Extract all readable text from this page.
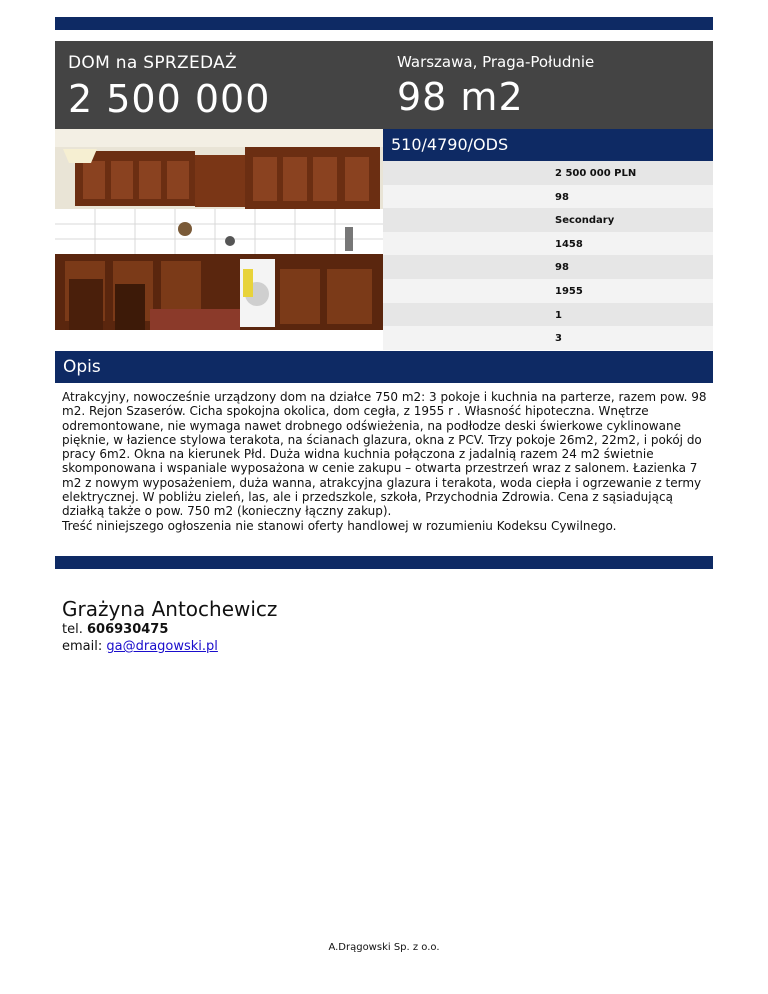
DOM na SPRZEDAŻ
2 500 000
Warszawa, Praga-Południe
98 m2
510/4790/ODS
2 500 000 PLN
98
Secondary
1458
98
1955
1
3
Opis
Atrakcyjny, nowocześnie urządzony dom na działce 750 m2: 3 pokoje i kuchnia na parterze, razem pow. 98 m2. Rejon Szaserów. Cicha spokojna okolica, dom cegła, z 1955 r . Własność hipoteczna. Wnętrze odremontowane, nie wymaga nawet drobnego odświeżenia, na podłodze deski świerkowe cyklinowane pięknie, w łazience stylowa terakota, na ścianach glazura, okna z PCV. Trzy pokoje 26m2, 22m2, i pokój do pracy 6m2. Okna na kierunek Płd. Duża widna kuchnia połączona z jadalnią razem 24 m2 świetnie skomponowana i wspaniale wyposażona w cenie zakupu – otwarta przestrzeń wraz z salonem. Łazienka 7 m2 z nowym wyposażeniem, duża wanna, atrakcyjna glazura i terakota, woda ciepła i ogrzewanie z termy elektrycznej. W pobliżu zieleń, las, ale i przedszkole, szkoła, Przychodnia Zdrowia. Cena z sąsiadującą działką także o pow. 750 m2 (konieczny łączny zakup).
Treść niniejszego ogłoszenia nie stanowi oferty handlowej w rozumieniu Kodeksu Cywilnego.
Grażyna Antochewicz
tel. 606930475
email: ga@dragowski.pl
A.Drągowski Sp. z o.o.
